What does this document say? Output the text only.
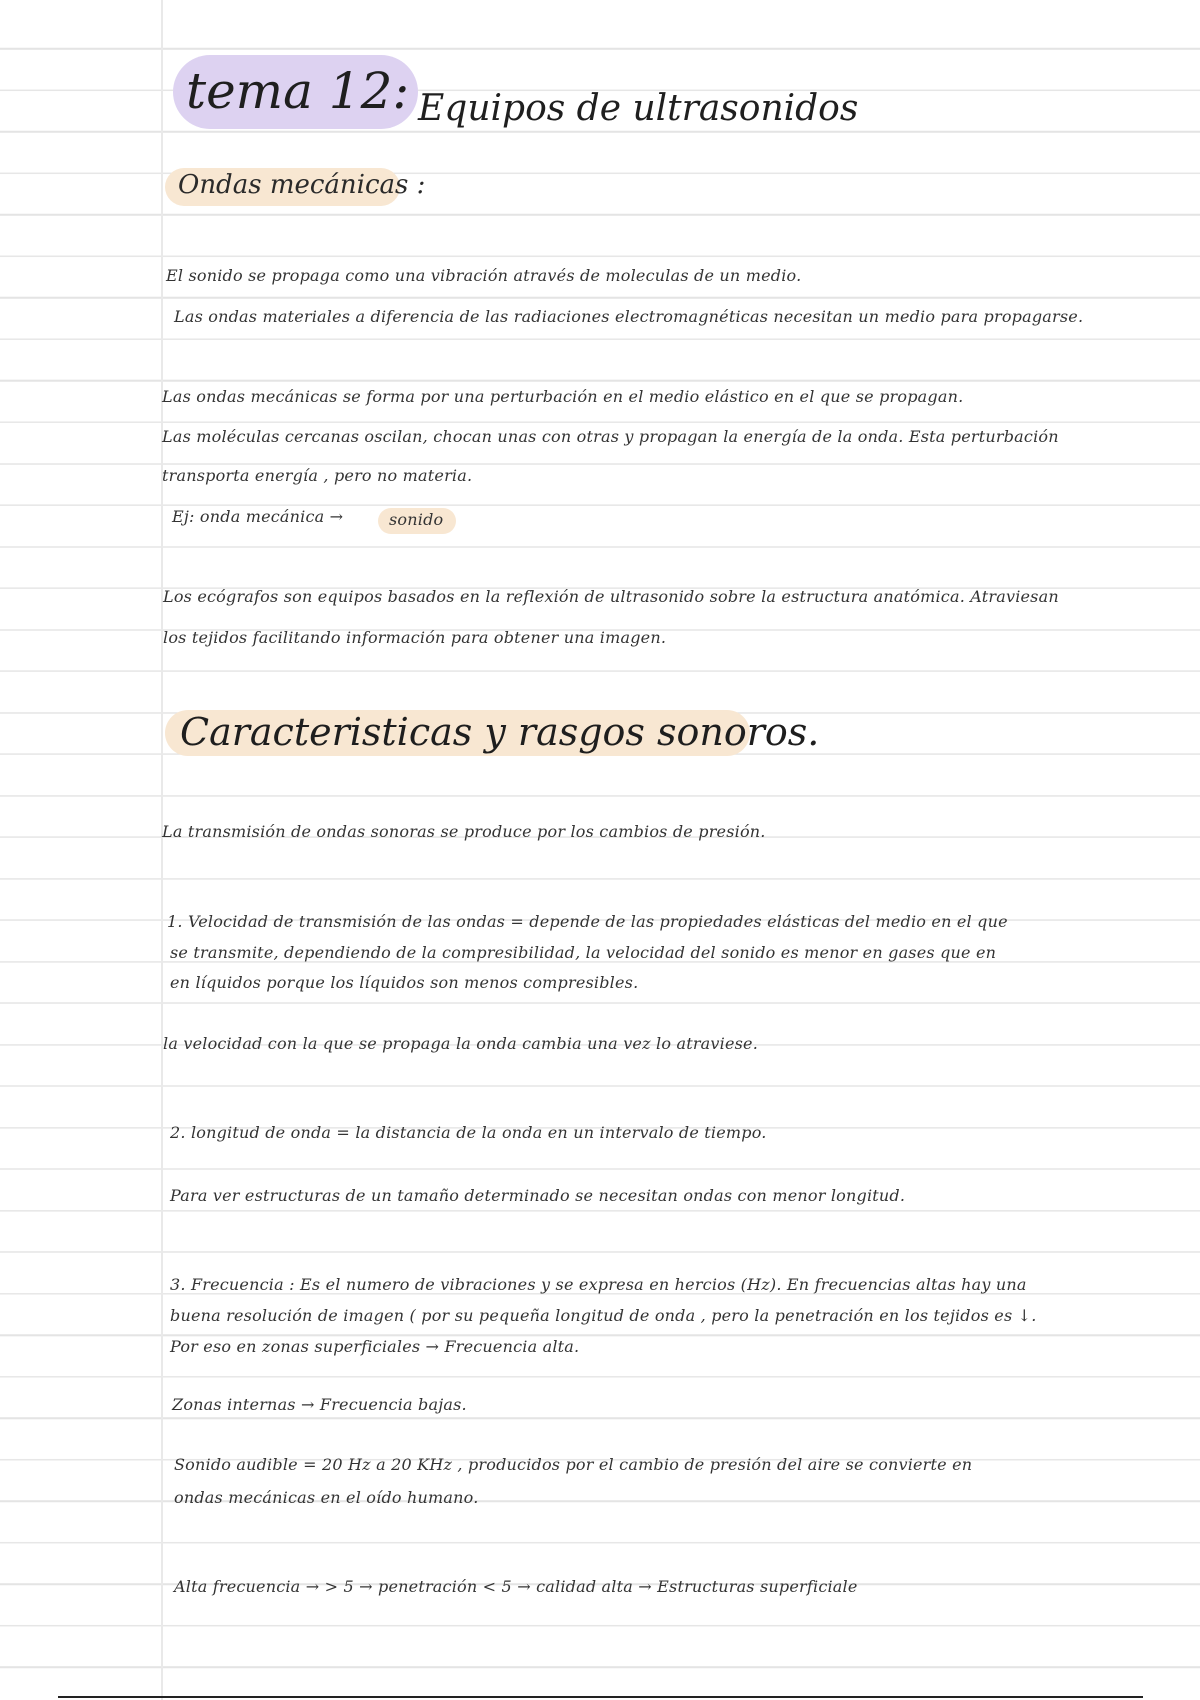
tema 12: Equipos de ultrasonidos
Ondas mecánicas :
El sonido se propaga como una vibración através de moleculas de un medio.
Las ondas materiales a diferencia de las radiaciones electromagnéticas necesitan un medio para propagarse.
Las ondas mecánicas se forma por una perturbación en el medio elástico en el que se propagan.
Las moléculas cercanas oscilan, chocan unas con otras y propagan la energía de la onda. Esta perturbación
transporta energía , pero no materia.
Ej: onda mecánica →	sonido
Los ecógrafos son equipos basados en la reflexión de ultrasonido sobre la estructura anatómica. Atraviesan
los tejidos facilitando información para obtener una imagen.
Caracteristicas y rasgos sonoros.
La transmisión de ondas sonoras se produce por los cambios de presión.
1. Velocidad de transmisión de las ondas = depende de las propiedades elásticas del medio en el que
se transmite, dependiendo de la compresibilidad, la velocidad del sonido es menor en gases que en
en líquidos porque los líquidos son menos compresibles.
la velocidad con la que se propaga la onda cambia una vez lo atraviese.
2. longitud de onda = la distancia de la onda en un intervalo de tiempo.
Para ver estructuras de un tamaño determinado se necesitan ondas con menor longitud.
3. Frecuencia : Es el numero de vibraciones y se expresa en hercios (Hz). En frecuencias altas hay una
buena resolución de imagen ( por su pequeña longitud de onda , pero la penetración en los tejidos es ↓.
Por eso en zonas superficiales → Frecuencia alta.
Zonas internas → Frecuencia bajas.
Sonido audible = 20 Hz a 20 KHz , producidos por el cambio de presión del aire se convierte en
ondas mecánicas en el oído humano.
Alta frecuencia → > 5 → penetración < 5 → calidad alta → Estructuras superficiale
